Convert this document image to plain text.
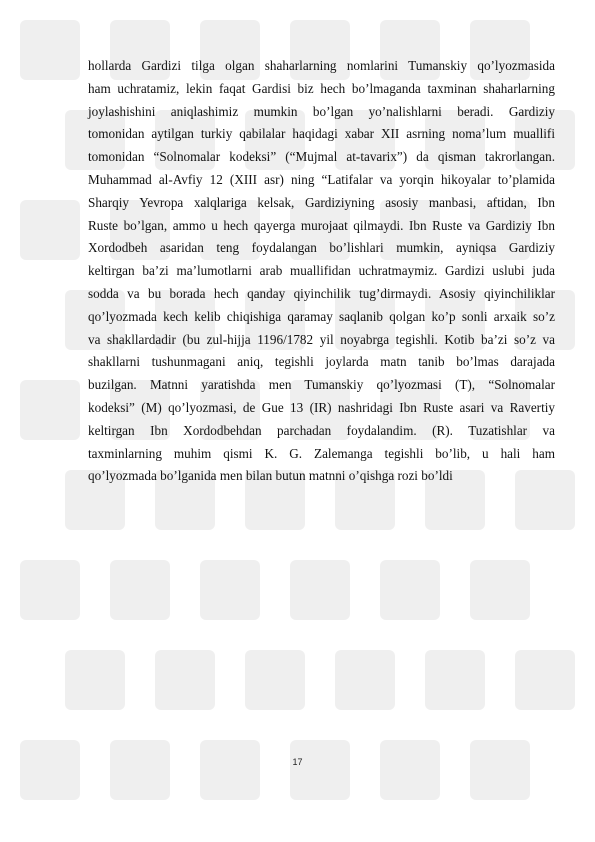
hollarda Gardizi tilga olgan shaharlarning nomlarini Tumanskiy qo’lyozmasida
ham uchratamiz, lekin faqat Gardisi biz hech bo’lmaganda taxminan shaharlarning
joylashishini aniqlashimiz mumkin bo’lgan yo’nalishlarni beradi. Gardiziy
tomonidan aytilgan turkiy qabilalar haqidagi xabar XII asrning noma’lum muallifi
tomonidan “Solnomalar kodeksi” (“Mujmal at-tavarix”) da qisman takrorlangan.
Muhammad al-Avfiy 12 (XIII asr) ning “Latifalar va yorqin hikoyalar to’plamida
Sharqiy Yevropa xalqlariga kelsak, Gardiziyning asosiy manbasi, aftidan, Ibn
Ruste bo’lgan, ammo u hech qayerga murojaat qilmaydi. Ibn Ruste va Gardiziy Ibn
Xordodbeh asaridan teng foydalangan bo’lishlari mumkin, ayniqsa Gardiziy
keltirgan ba’zi ma’lumotlarni arab muallifidan uchratmaymiz. Gardizi uslubi juda
sodda va bu borada hech qanday qiyinchilik tug’dirmaydi. Asosiy qiyinchiliklar
qo’lyozmada kech kelib chiqishiga qaramay saqlanib qolgan ko’p sonli arxaik so’z
va shakllardadir (bu zul-hijja 1196/1782 yil noyabrga tegishli. Kotib ba’zi so’z va
shakllarni tushunmagani aniq, tegishli joylarda matn tanib bo’lmas darajada
buzilgan. Matnni yaratishda men Tumanskiy qo’lyozmasi (T), “Solnomalar
kodeksi” (M) qo’lyozmasi, de Gue 13 (IR) nashridagi Ibn Ruste asari va Ravertiy
keltirgan Ibn Xordodbehdan parchadan foydalandim. (R). Tuzatishlar va
taxminlarning muhim qismi K. G. Zalemanga tegishli bo’lib, u hali ham
qo’lyozmada bo’lganida men bilan butun matnni o’qishga rozi bo’ldi
17
